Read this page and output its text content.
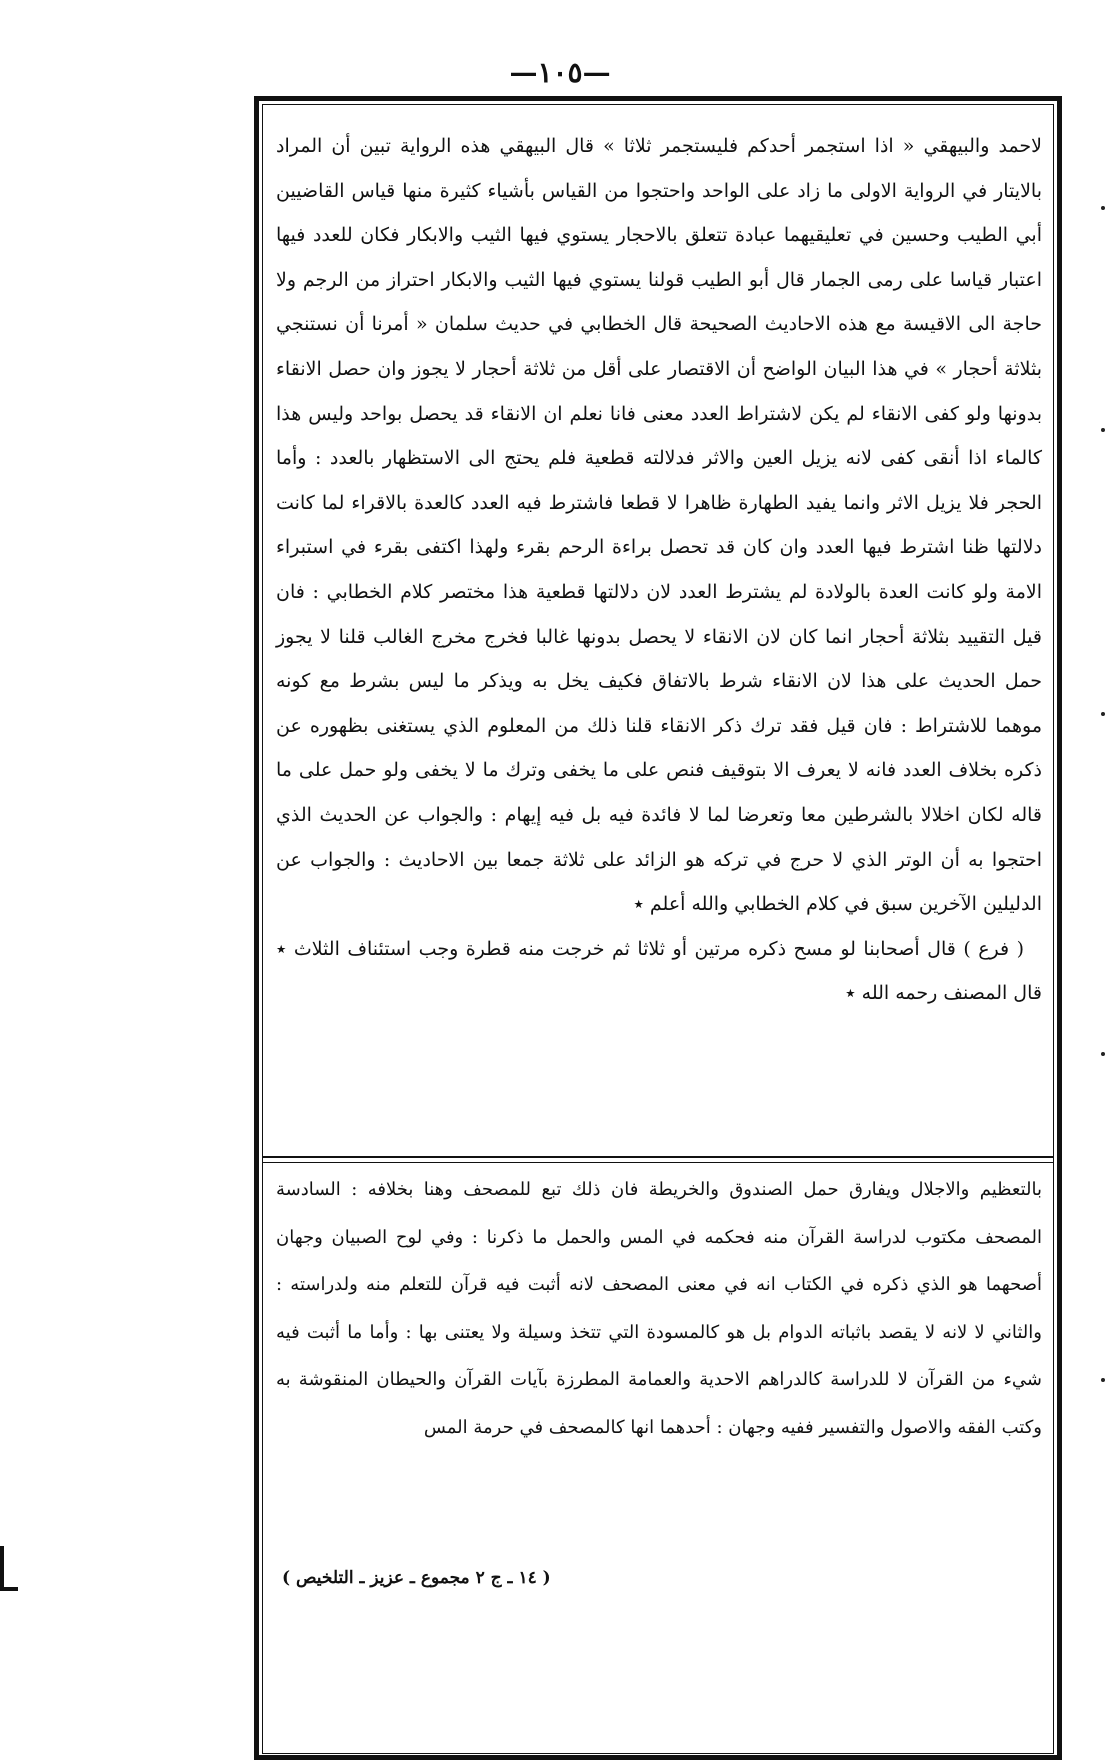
—١٠٥—

لاحمد والبيهقي « اذا استجمر أحدكم فليستجمر ثلاثا » قال البيهقي هذه الرواية تبين أن المراد بالايتار في الرواية الاولى ما زاد على الواحد واحتجوا من القياس بأشياء كثيرة منها قياس القاضيين أبي الطيب وحسين في تعليقيهما عبادة تتعلق بالاحجار يستوي فيها الثيب والابكار فكان للعدد فيها اعتبار قياسا على رمى الجمار قال أبو الطيب قولنا يستوي فيها الثيب والابكار احتراز من الرجم ولا حاجة الى الاقيسة مع هذه الاحاديث الصحيحة قال الخطابي في حديث سلمان « أمرنا أن نستنجي بثلاثة أحجار » في هذا البيان الواضح أن الاقتصار على أقل من ثلاثة أحجار لا يجوز وان حصل الانقاء بدونها ولو كفى الانقاء لم يكن لاشتراط العدد معنى فانا نعلم ان الانقاء قد يحصل بواحد وليس هذا كالماء اذا أنقى كفى لانه يزيل العين والاثر فدلالته قطعية فلم يحتج الى الاستظهار بالعدد : وأما الحجر فلا يزيل الاثر وانما يفيد الطهارة ظاهرا لا قطعا فاشترط فيه العدد كالعدة بالاقراء لما كانت دلالتها ظنا اشترط فيها العدد وان كان قد تحصل براءة الرحم بقرء ولهذا اكتفى بقرء في استبراء الامة ولو كانت العدة بالولادة لم يشترط العدد لان دلالتها قطعية هذا مختصر كلام الخطابي : فان قيل التقييد بثلاثة أحجار انما كان لان الانقاء لا يحصل بدونها غالبا فخرج مخرج الغالب قلنا لا يجوز حمل الحديث على هذا لان الانقاء شرط بالاتفاق فكيف يخل به ويذكر ما ليس بشرط مع كونه موهما للاشتراط : فان قيل فقد ترك ذكر الانقاء قلنا ذلك من المعلوم الذي يستغنى بظهوره عن ذكره بخلاف العدد فانه لا يعرف الا بتوقيف فنص على ما يخفى وترك ما لا يخفى ولو حمل على ما قاله لكان اخلالا بالشرطين معا وتعرضا لما لا فائدة فيه بل فيه إيهام : والجواب عن الحديث الذي احتجوا به أن الوتر الذي لا حرج في تركه هو الزائد على ثلاثة جمعا بين الاحاديث : والجواب عن الدليلين الآخرين سبق في كلام الخطابي والله أعلم ٭

( فرع ) قال أصحابنا لو مسح ذكره مرتين أو ثلاثا ثم خرجت منه قطرة وجب استئناف الثلاث ٭ قال المصنف رحمه الله ٭

بالتعظيم والاجلال ويفارق حمل الصندوق والخريطة فان ذلك تبع للمصحف وهنا بخلافه : السادسة المصحف مكتوب لدراسة القرآن منه فحكمه في المس والحمل ما ذكرنا : وفي لوح الصبيان وجهان أصحهما هو الذي ذكره في الكتاب انه في معنى المصحف لانه أثبت فيه قرآن للتعلم منه ولدراسته : والثاني لا لانه لا يقصد باثباته الدوام بل هو كالمسودة التي تتخذ وسيلة ولا يعتنى بها : وأما ما أثبت فيه شيء من القرآن لا للدراسة كالدراهم الاحدية والعمامة المطرزة بآيات القرآن والحيطان المنقوشة به وكتب الفقه والاصول والتفسير ففيه وجهان : أحدهما انها كالمصحف في حرمة المس

( ١٤ ـ ج ٢ مجموع ـ عزيز ـ التلخيص )
